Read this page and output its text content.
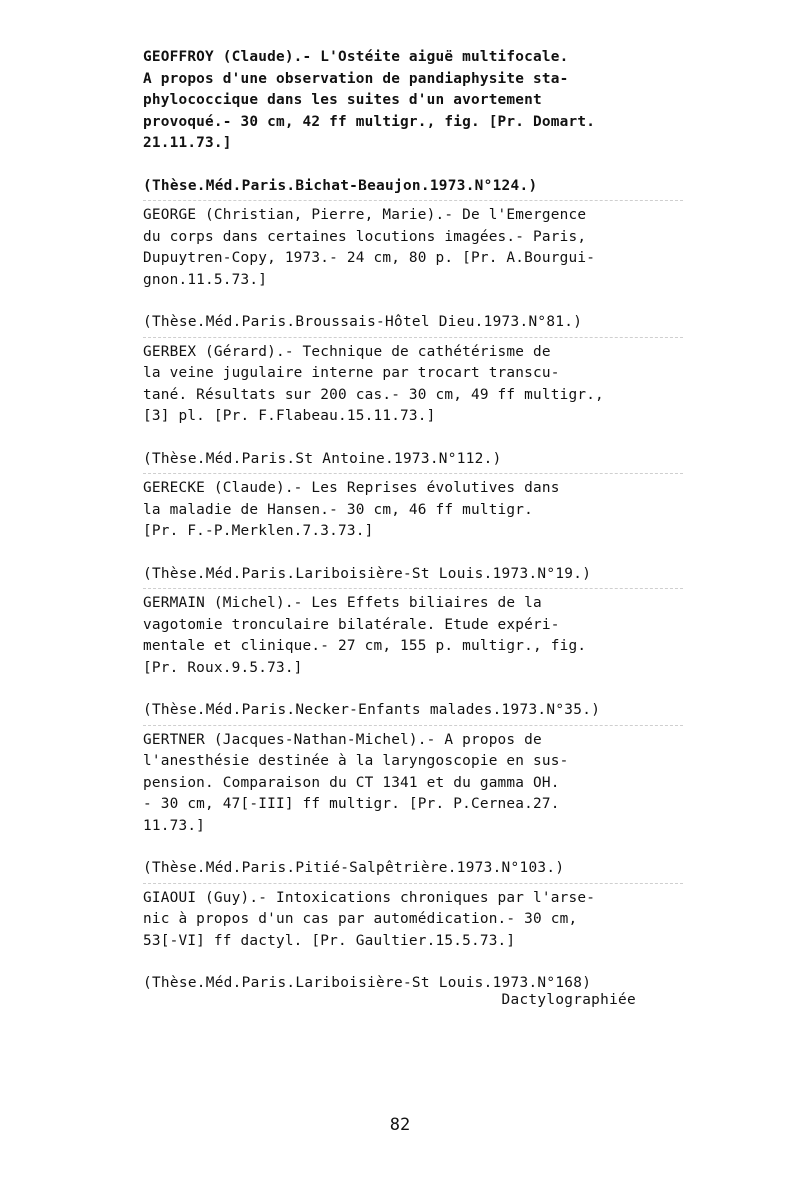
GEOFFROY (Claude).- L'Ostéite aiguë multifocale.
A propos d'une observation de pandiaphysite sta-
phylococcique dans les suites d'un avortement
provoqué.- 30 cm, 42 ff multigr., fig. [Pr. Domart.
21.11.73.]
(Thèse.Méd.Paris.Bichat-Beaujon.1973.N°124.)
GEORGE (Christian, Pierre, Marie).- De l'Emergence
du corps dans certaines locutions imagées.- Paris,
Dupuytren-Copy, 1973.- 24 cm, 80 p. [Pr. A.Bourgui-
gnon.11.5.73.]
(Thèse.Méd.Paris.Broussais-Hôtel Dieu.1973.N°81.)
GERBEX (Gérard).- Technique de cathétérisme de
la veine jugulaire interne par trocart transcu-
tané. Résultats sur 200 cas.- 30 cm, 49 ff multigr.,
[3] pl. [Pr. F.Flabeau.15.11.73.]
(Thèse.Méd.Paris.St Antoine.1973.N°112.)
GERECKE (Claude).- Les Reprises évolutives dans
la maladie de Hansen.- 30 cm, 46 ff multigr.
[Pr. F.-P.Merklen.7.3.73.]
(Thèse.Méd.Paris.Lariboisière-St Louis.1973.N°19.)
GERMAIN (Michel).- Les Effets biliaires de la
vagotomie tronculaire bilatérale. Etude expéri-
mentale et clinique.- 27 cm, 155 p. multigr., fig.
[Pr. Roux.9.5.73.]
(Thèse.Méd.Paris.Necker-Enfants malades.1973.N°35.)
GERTNER (Jacques-Nathan-Michel).- A propos de
l'anesthésie destinée à la laryngoscopie en sus-
pension. Comparaison du CT 1341 et du gamma OH.
- 30 cm, 47[-III] ff multigr. [Pr. P.Cernea.27.
11.73.]
(Thèse.Méd.Paris.Pitié-Salpêtrière.1973.N°103.)
GIAOUI (Guy).- Intoxications chroniques par l'arse-
nic à propos d'un cas par automédication.- 30 cm,
53[-VI] ff dactyl. [Pr. Gaultier.15.5.73.]
(Thèse.Méd.Paris.Lariboisière-St Louis.1973.N°168)
Dactylographiée
82
